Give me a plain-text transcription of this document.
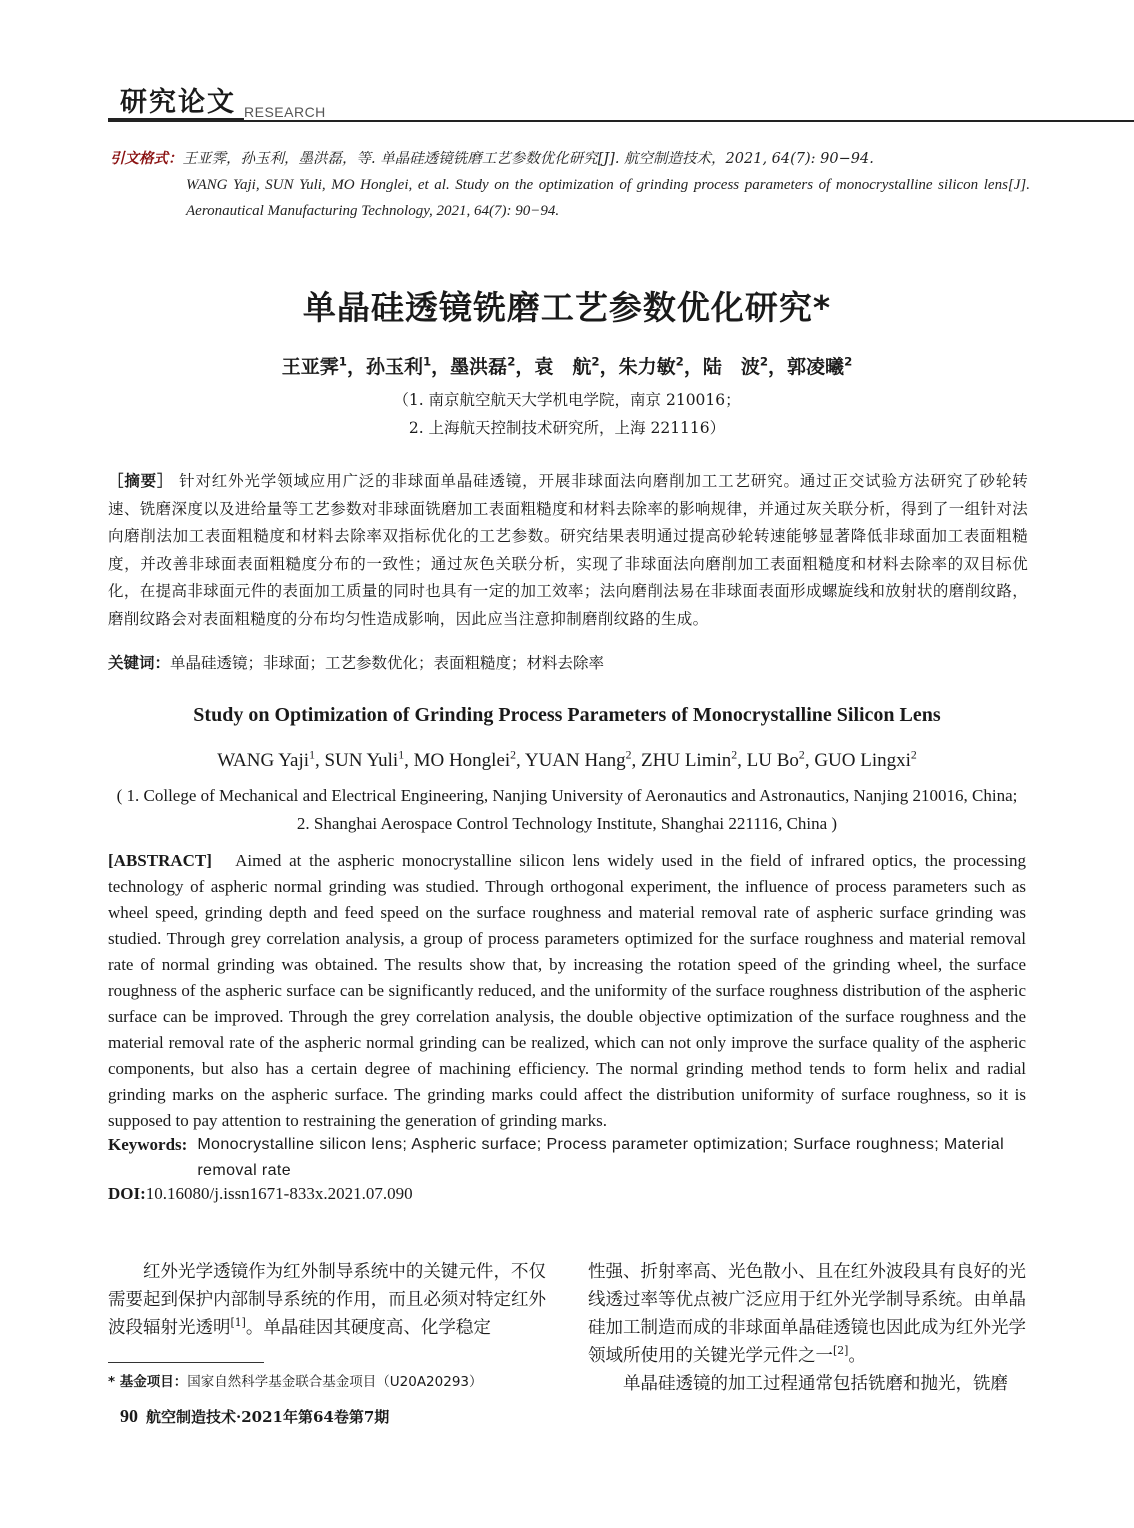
研究论文 RESEARCH
引文格式：王亚霁，孙玉利，墨洪磊，等. 单晶硅透镜铣磨工艺参数优化研究[J]. 航空制造技术，2021, 64(7): 90−94.
WANG Yaji, SUN Yuli, MO Honglei, et al. Study on the optimization of grinding process parameters of monocrystalline silicon lens[J]. Aeronautical Manufacturing Technology, 2021, 64(7): 90−94.
单晶硅透镜铣磨工艺参数优化研究*
王亚霁$^1$，孙玉利$^1$，墨洪磊$^2$，袁　航$^2$，朱力敏$^2$，陆　波$^2$，郭凌曦$^2$
（1. 南京航空航天大学机电学院，南京 210016；
2. 上海航天控制技术研究所，上海 221116）
［摘要］ 针对红外光学领域应用广泛的非球面单晶硅透镜，开展非球面法向磨削加工工艺研究。通过正交试验方法研究了砂轮转速、铣磨深度以及进给量等工艺参数对非球面铣磨加工表面粗糙度和材料去除率的影响规律，并通过灰关联分析，得到了一组针对法向磨削法加工表面粗糙度和材料去除率双指标优化的工艺参数。研究结果表明通过提高砂轮转速能够显著降低非球面加工表面粗糙度，并改善非球面表面粗糙度分布的一致性；通过灰色关联分析，实现了非球面法向磨削加工表面粗糙度和材料去除率的双目标优化，在提高非球面元件的表面加工质量的同时也具有一定的加工效率；法向磨削法易在非球面表面形成螺旋线和放射状的磨削纹路，磨削纹路会对表面粗糙度的分布均匀性造成影响，因此应当注意抑制磨削纹路的生成。
关键词：单晶硅透镜；非球面；工艺参数优化；表面粗糙度；材料去除率
Study on Optimization of Grinding Process Parameters of Monocrystalline Silicon Lens
WANG Yaji$^1$, SUN Yuli$^1$, MO Honglei$^2$, YUAN Hang$^2$, ZHU Limin$^2$, LU Bo$^2$, GUO Lingxi$^2$
( 1. College of Mechanical and Electrical Engineering, Nanjing University of Aeronautics and Astronautics, Nanjing 210016, China;
2. Shanghai Aerospace Control Technology Institute, Shanghai 221116, China )
[ABSTRACT] Aimed at the aspheric monocrystalline silicon lens widely used in the field of infrared optics, the processing technology of aspheric normal grinding was studied. Through orthogonal experiment, the influence of process parameters such as wheel speed, grinding depth and feed speed on the surface roughness and material removal rate of aspheric surface grinding was studied. Through grey correlation analysis, a group of process parameters optimized for the surface roughness and material removal rate of normal grinding was obtained. The results show that, by increasing the rotation speed of the grinding wheel, the surface roughness of the aspheric surface can be significantly reduced, and the uniformity of the surface roughness distribution of the aspheric surface can be improved. Through the grey correlation analysis, the double objective optimization of the surface roughness and the material removal rate of the aspheric normal grinding can be realized, which can not only improve the surface quality of the aspheric components, but also has a certain degree of machining efficiency. The normal grinding method tends to form helix and radial grinding marks on the aspheric surface. The grinding marks could affect the distribution uniformity of surface roughness, so it is supposed to pay attention to restraining the generation of grinding marks.
Keywords: Monocrystalline silicon lens; Aspheric surface; Process parameter optimization; Surface roughness; Material removal rate
DOI:10.16080/j.issn1671-833x.2021.07.090
红外光学透镜作为红外制导系统中的关键元件，不仅需要起到保护内部制导系统的作用，而且必须对特定红外波段辐射光透明[1]。单晶硅因其硬度高、化学稳定
性强、折射率高、光色散小、且在红外波段具有良好的光线透过率等优点被广泛应用于红外光学制导系统。由单晶硅加工制造而成的非球面单晶硅透镜也因此成为红外光学领域所使用的关键光学元件之一[2]。
单晶硅透镜的加工过程通常包括铣磨和抛光，铣磨
* 基金项目：国家自然科学基金联合基金项目（U20A20293）
90 航空制造技术·2021年第64卷第7期
